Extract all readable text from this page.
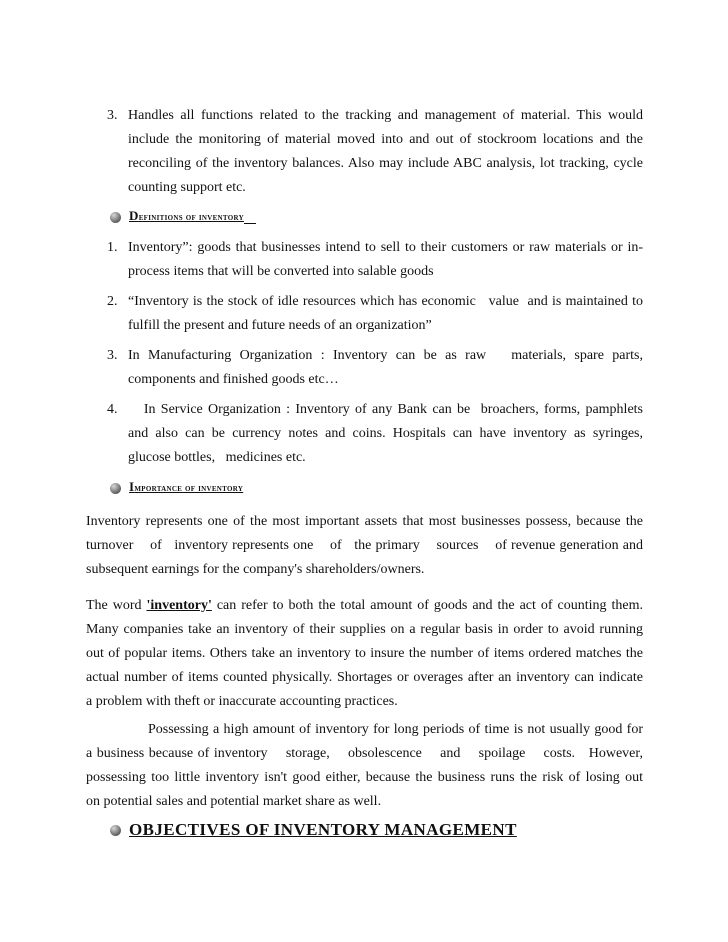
3. Handles all functions related to the tracking and management of material. This would
include the monitoring of material moved into and out of stockroom locations and the
reconciling of the inventory balances. Also may include ABC analysis, lot tracking, cycle
counting support etc.
Definitions of inventory
1. Inventory”: goods that businesses intend to sell to their customers or raw materials or in-
process items that will be converted into salable goods
2. “Inventory is the stock of idle resources which has economic   value  and is maintained to
fulfill the present and future needs of an organization”
3. In Manufacturing Organization : Inventory can be as raw   materials, spare parts,
components and finished goods etc…
4. In Service Organization : Inventory of any Bank can be  broachers, forms, pamphlets
and also can be currency notes and coins. Hospitals can have inventory as syringes,
glucose bottles,   medicines etc.
Importance of inventory
Inventory represents one of the most important assets that most businesses possess, because the
turnover    of   inventory represents one    of   the primary    sources    of revenue generation and
subsequent earnings for the company's shareholders/owners.
The word 'inventory' can refer to both the total amount of goods and the act of counting them.
Many companies take an inventory of their supplies on a regular basis in order to avoid running
out of popular items. Others take an inventory to insure the number of items ordered matches the
actual number of items counted physically. Shortages or overages after an inventory can indicate
a problem with theft or inaccurate accounting practices.
Possessing a high amount of inventory for long periods of time is not usually good for
a business because of inventory    storage,    obsolescence    and    spoilage    costs.   However,
possessing too little inventory isn't good either, because the business runs the risk of losing out
on potential sales and potential market share as well.
OBJECTIVES OF INVENTORY MANAGEMENT
